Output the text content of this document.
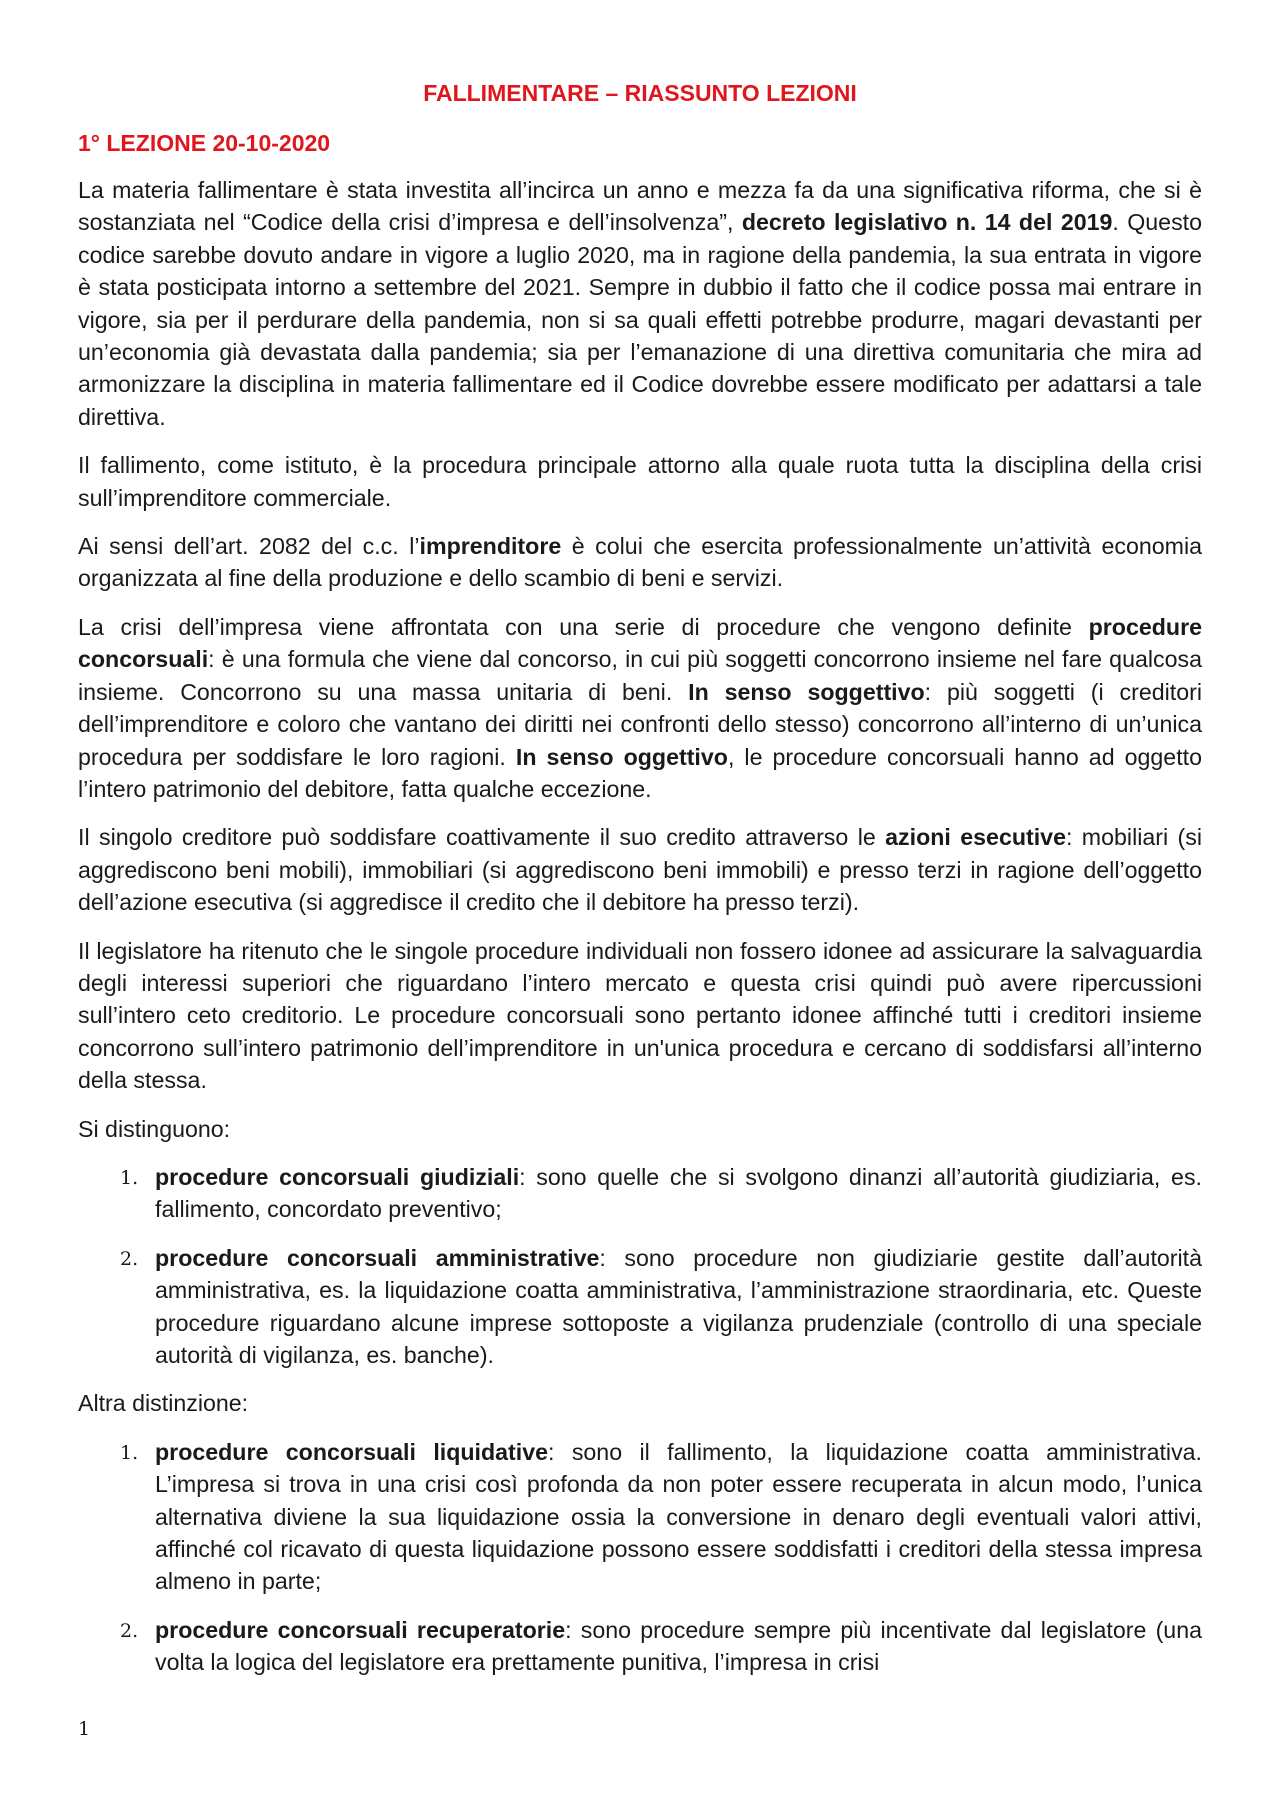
FALLIMENTARE – RIASSUNTO LEZIONI
1° LEZIONE 20-10-2020

La materia fallimentare è stata investita all’incirca un anno e mezza fa da una significativa riforma, che si è sostanziata nel “Codice della crisi d’impresa e dell’insolvenza”, decreto legislativo n. 14 del 2019. Questo codice sarebbe dovuto andare in vigore a luglio 2020, ma in ragione della pandemia, la sua entrata in vigore è stata posticipata intorno a settembre del 2021. Sempre in dubbio il fatto che il codice possa mai entrare in vigore, sia per il perdurare della pandemia, non si sa quali effetti potrebbe produrre, magari devastanti per un’economia già devastata dalla pandemia; sia per l’emanazione di una direttiva comunitaria che mira ad armonizzare la disciplina in materia fallimentare ed il Codice dovrebbe essere modificato per adattarsi a tale direttiva.

Il fallimento, come istituto, è la procedura principale attorno alla quale ruota tutta la disciplina della crisi sull’imprenditore commerciale.

Ai sensi dell’art. 2082 del c.c. l’imprenditore è colui che esercita professionalmente un’attività economia organizzata al fine della produzione e dello scambio di beni e servizi.

La crisi dell’impresa viene affrontata con una serie di procedure che vengono definite procedure concorsuali: è una formula che viene dal concorso, in cui più soggetti concorrono insieme nel fare qualcosa insieme. Concorrono su una massa unitaria di beni. In senso soggettivo: più soggetti (i creditori dell’imprenditore e coloro che vantano dei diritti nei confronti dello stesso) concorrono all’interno di un’unica procedura per soddisfare le loro ragioni. In senso oggettivo, le procedure concorsuali hanno ad oggetto l’intero patrimonio del debitore, fatta qualche eccezione.

Il singolo creditore può soddisfare coattivamente il suo credito attraverso le azioni esecutive: mobiliari (si aggrediscono beni mobili), immobiliari (si aggrediscono beni immobili) e presso terzi in ragione dell’oggetto dell’azione esecutiva (si aggredisce il credito che il debitore ha presso terzi).

Il legislatore ha ritenuto che le singole procedure individuali non fossero idonee ad assicurare la salvaguardia degli interessi superiori che riguardano l’intero mercato e questa crisi quindi può avere ripercussioni sull’intero ceto creditorio. Le procedure concorsuali sono pertanto idonee affinché tutti i creditori insieme concorrono sull’intero patrimonio dell’imprenditore in un'unica procedura e cercano di soddisfarsi all’interno della stessa.

Si distinguono:

1. procedure concorsuali giudiziali: sono quelle che si svolgono dinanzi all’autorità giudiziaria, es. fallimento, concordato preventivo;
2. procedure concorsuali amministrative: sono procedure non giudiziarie gestite dall’autorità amministrativa, es. la liquidazione coatta amministrativa, l’amministrazione straordinaria, etc. Queste procedure riguardano alcune imprese sottoposte a vigilanza prudenziale (controllo di una speciale autorità di vigilanza, es. banche).

Altra distinzione:

1. procedure concorsuali liquidative: sono il fallimento, la liquidazione coatta amministrativa. L’impresa si trova in una crisi così profonda da non poter essere recuperata in alcun modo, l’unica alternativa diviene la sua liquidazione ossia la conversione in denaro degli eventuali valori attivi, affinché col ricavato di questa liquidazione possono essere soddisfatti i creditori della stessa impresa almeno in parte;
2. procedure concorsuali recuperatorie: sono procedure sempre più incentivate dal legislatore (una volta la logica del legislatore era prettamente punitiva, l’impresa in crisi
1
